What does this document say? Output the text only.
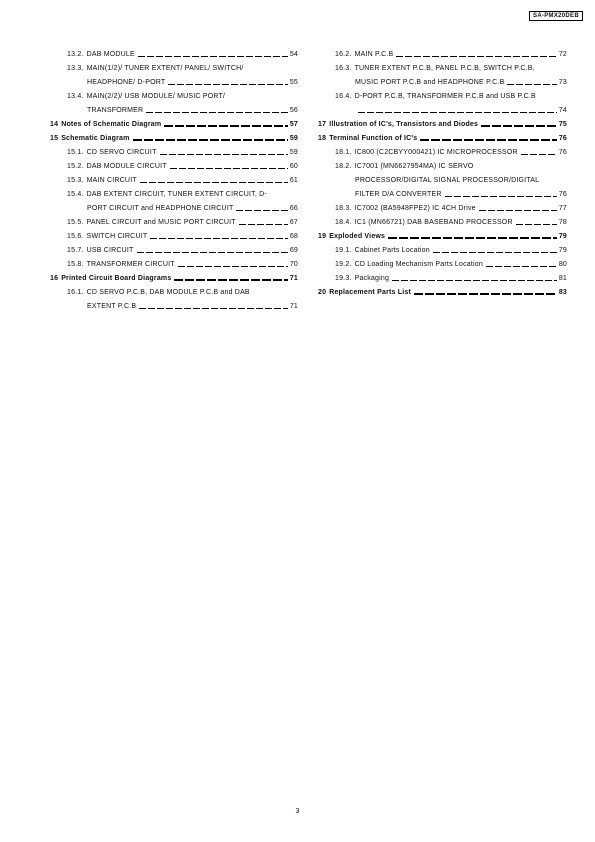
SA-PMX20DEB
13.2. DAB MODULE	54
13.3. MAIN(1/2)/ TUNER EXTENT/ PANEL/ SWITCH/
HEADPHONE/ D-PORT	55
13.4. MAIN(2/2)/ USB MODULE/ MUSIC PORT/
TRANSFORMER	56
14 Notes of Schematic Diagram	57
15 Schematic Diagram	59
15.1. CD SERVO CIRCUIT	59
15.2. DAB MODULE CIRCUIT	60
15.3. MAIN CIRCUIT	61
15.4. DAB EXTENT CIRCUIT, TUNER EXTENT CIRCUIT, D-
PORT CIRCUIT and HEADPHONE CIRCUIT	66
15.5. PANEL CIRCUIT and MUSIC PORT CIRCUIT	67
15.6. SWITCH CIRCUIT	68
15.7. USB CIRCUIT	69
15.8. TRANSFORMER CIRCUIT	70
16 Printed Circuit Board Diagrams	71
16.1. CD SERVO P.C.B, DAB MODULE P.C.B and DAB
EXTENT P.C.B	71
16.2. MAIN P.C.B	72
16.3. TUNER EXTENT P.C.B, PANEL P.C.B, SWITCH P.C.B,
MUSIC PORT P.C.B and HEADPHONE P.C.B	73
16.4. D-PORT P.C.B, TRANSFORMER P.C.B and USB P.C.B
74
17 Illustration of IC's, Transistors and Diodes	75
18 Terminal Function of IC's	76
18.1. IC800 (C2CBYY000421) IC MICROPROCESSOR	76
18.2. IC7001 (MN6627954MA) IC SERVO
PROCESSOR/DIGITAL SIGNAL PROCESSOR/DIGITAL
FILTER D/A CONVERTER	76
18.3. IC7002 (BA5948FPE2) IC 4CH Drive	77
18.4. IC1 (MN66721) DAB BASEBAND PROCESSOR	78
19 Exploded Views	79
19.1. Cabinet Parts Location	79
19.2. CD Loading Mechanism Parts Location	80
19.3. Packaging	81
20 Replacement Parts List	83
3
